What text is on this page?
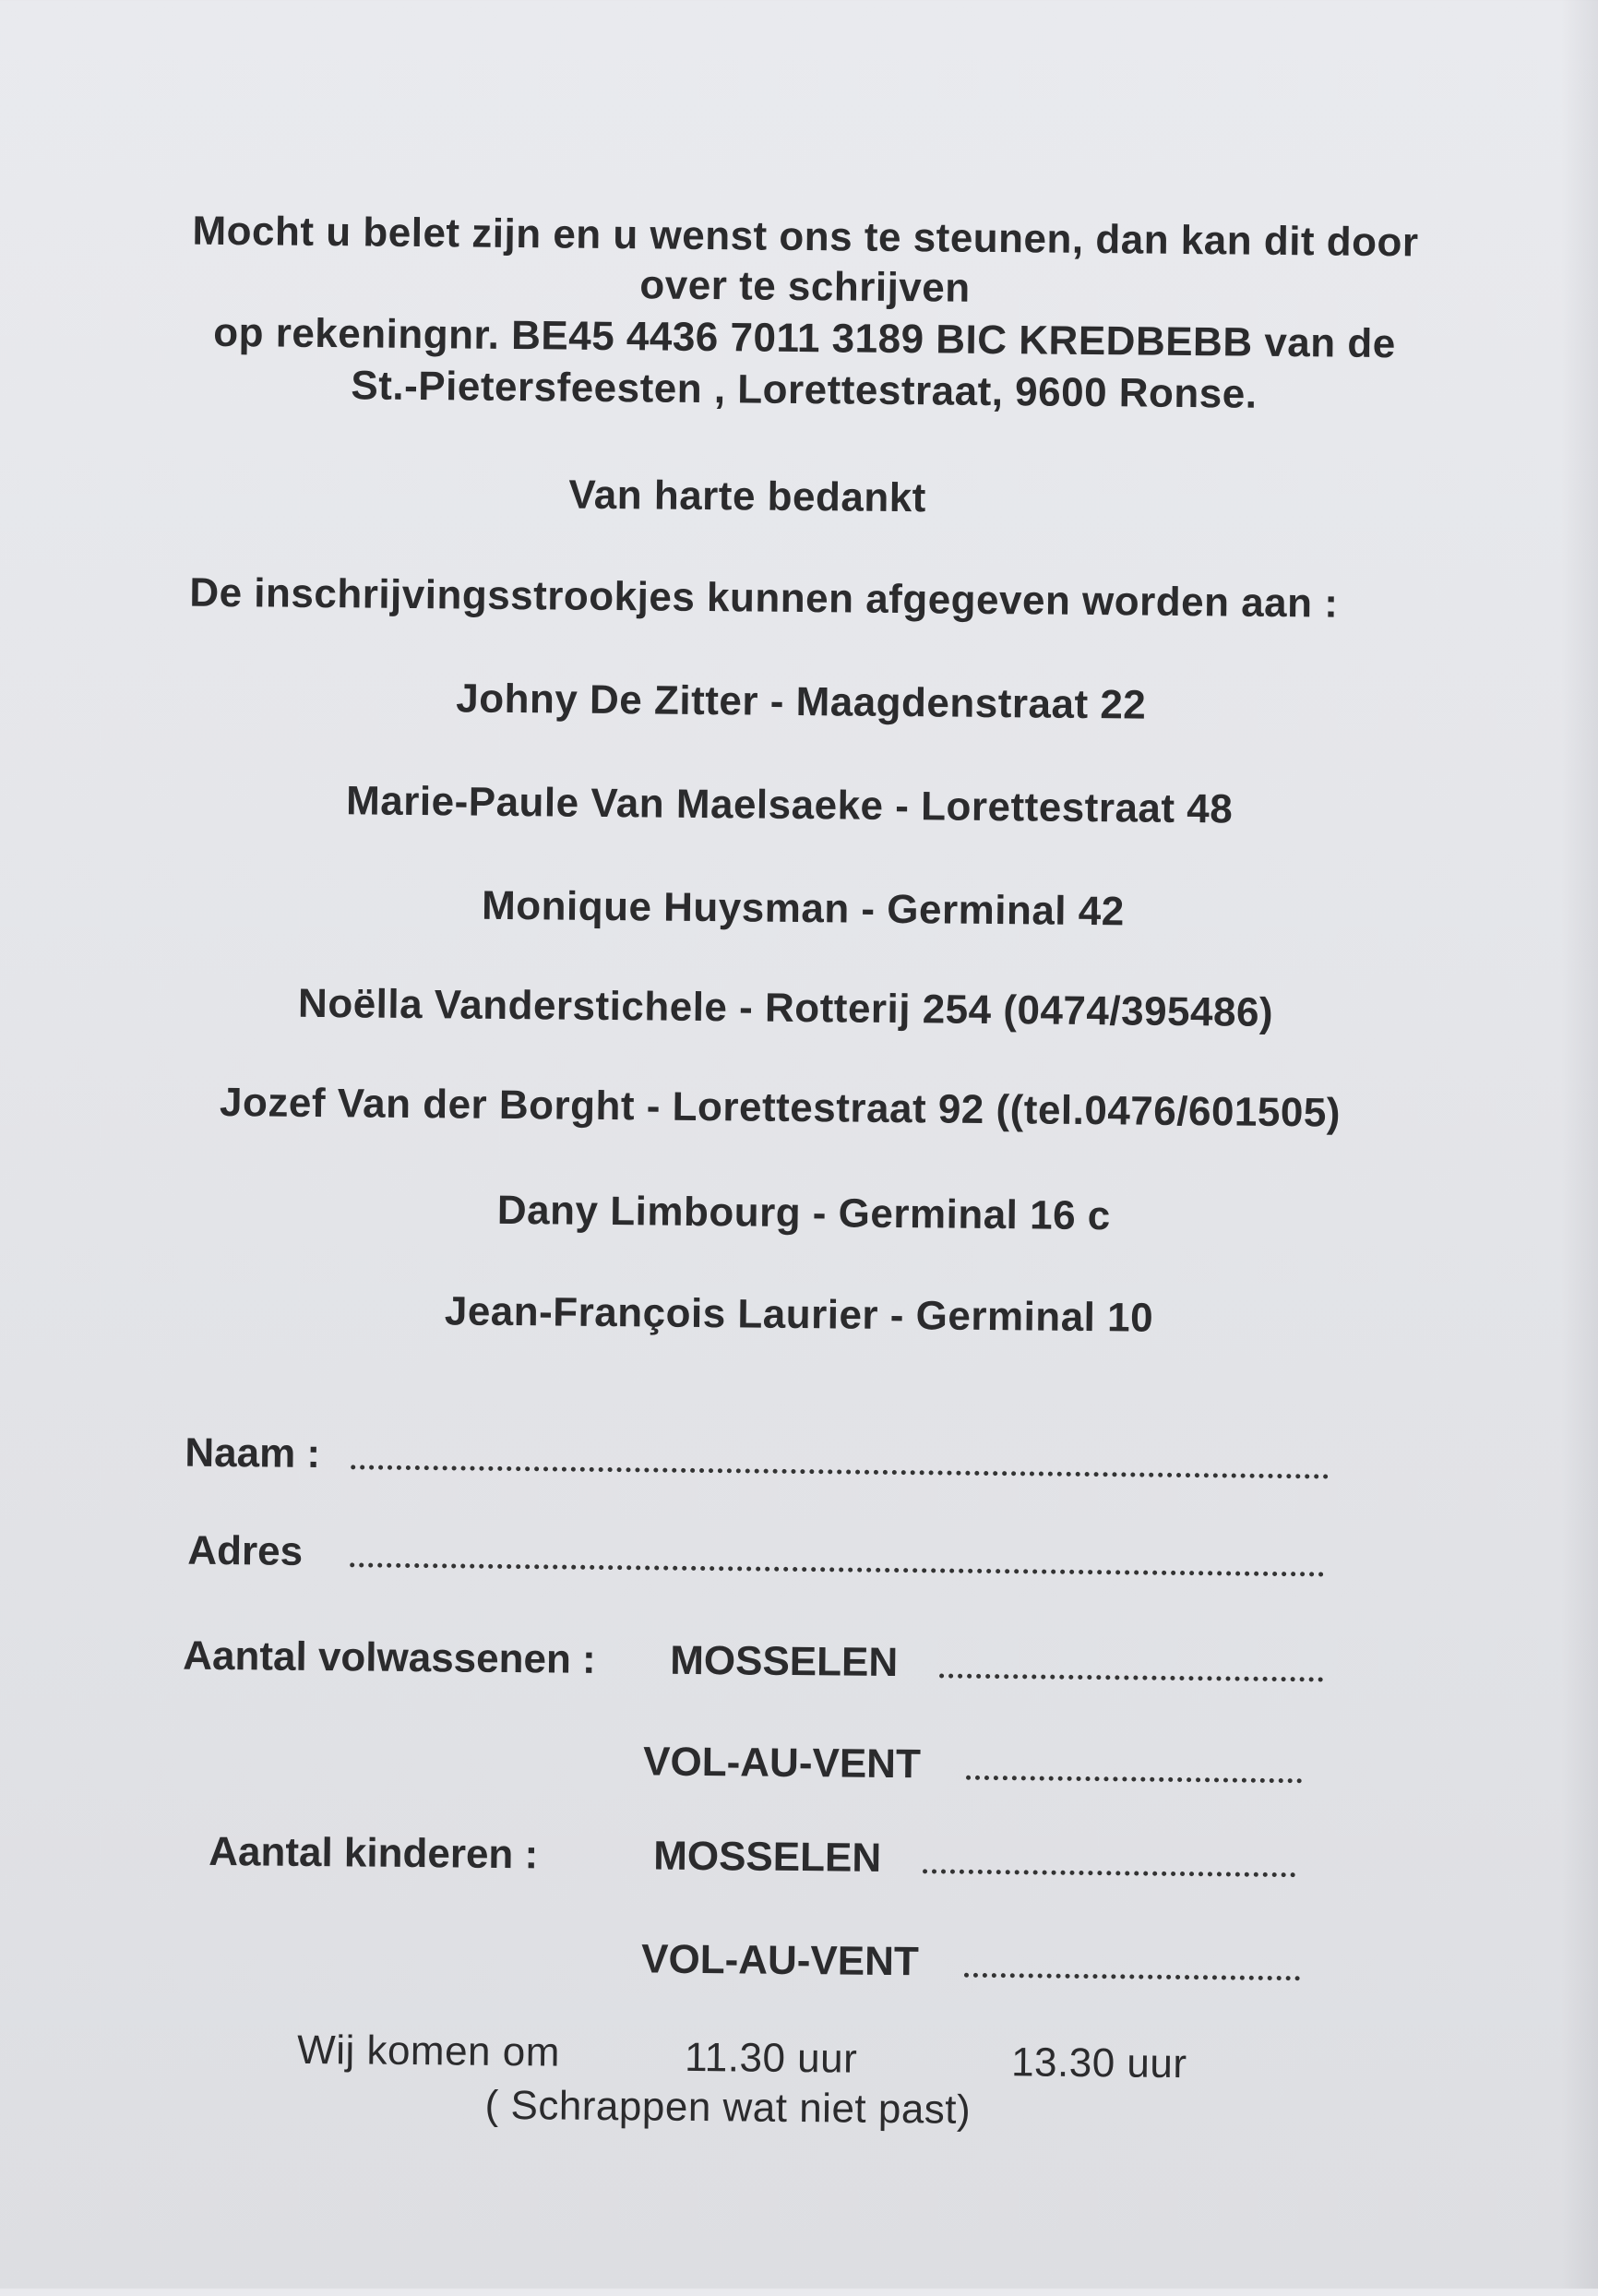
Mocht u belet zijn en u wenst ons te steunen, dan kan dit door
over te schrijven
op rekeningnr. BE45 4436 7011 3189 BIC KREDBEBB van de
St.-Pietersfeesten , Lorettestraat, 9600 Ronse.
Van harte bedankt
De inschrijvingsstrookjes kunnen afgegeven worden aan :
Johny De Zitter - Maagdenstraat 22
Marie-Paule Van Maelsaeke - Lorettestraat 48
Monique Huysman - Germinal 42
Noëlla Vanderstichele - Rotterij 254 (0474/395486)
Jozef Van der Borght - Lorettestraat 92 ((tel.0476/601505)
Dany Limbourg - Germinal 16 c
Jean-François Laurier - Germinal 10
Naam :
Adres
Aantal volwassenen : MOSSELEN
VOL-AU-VENT
Aantal kinderen :	MOSSELEN
VOL-AU-VENT
Wij komen om	11.30 uur	13.30 uur
( Schrappen wat niet past)
